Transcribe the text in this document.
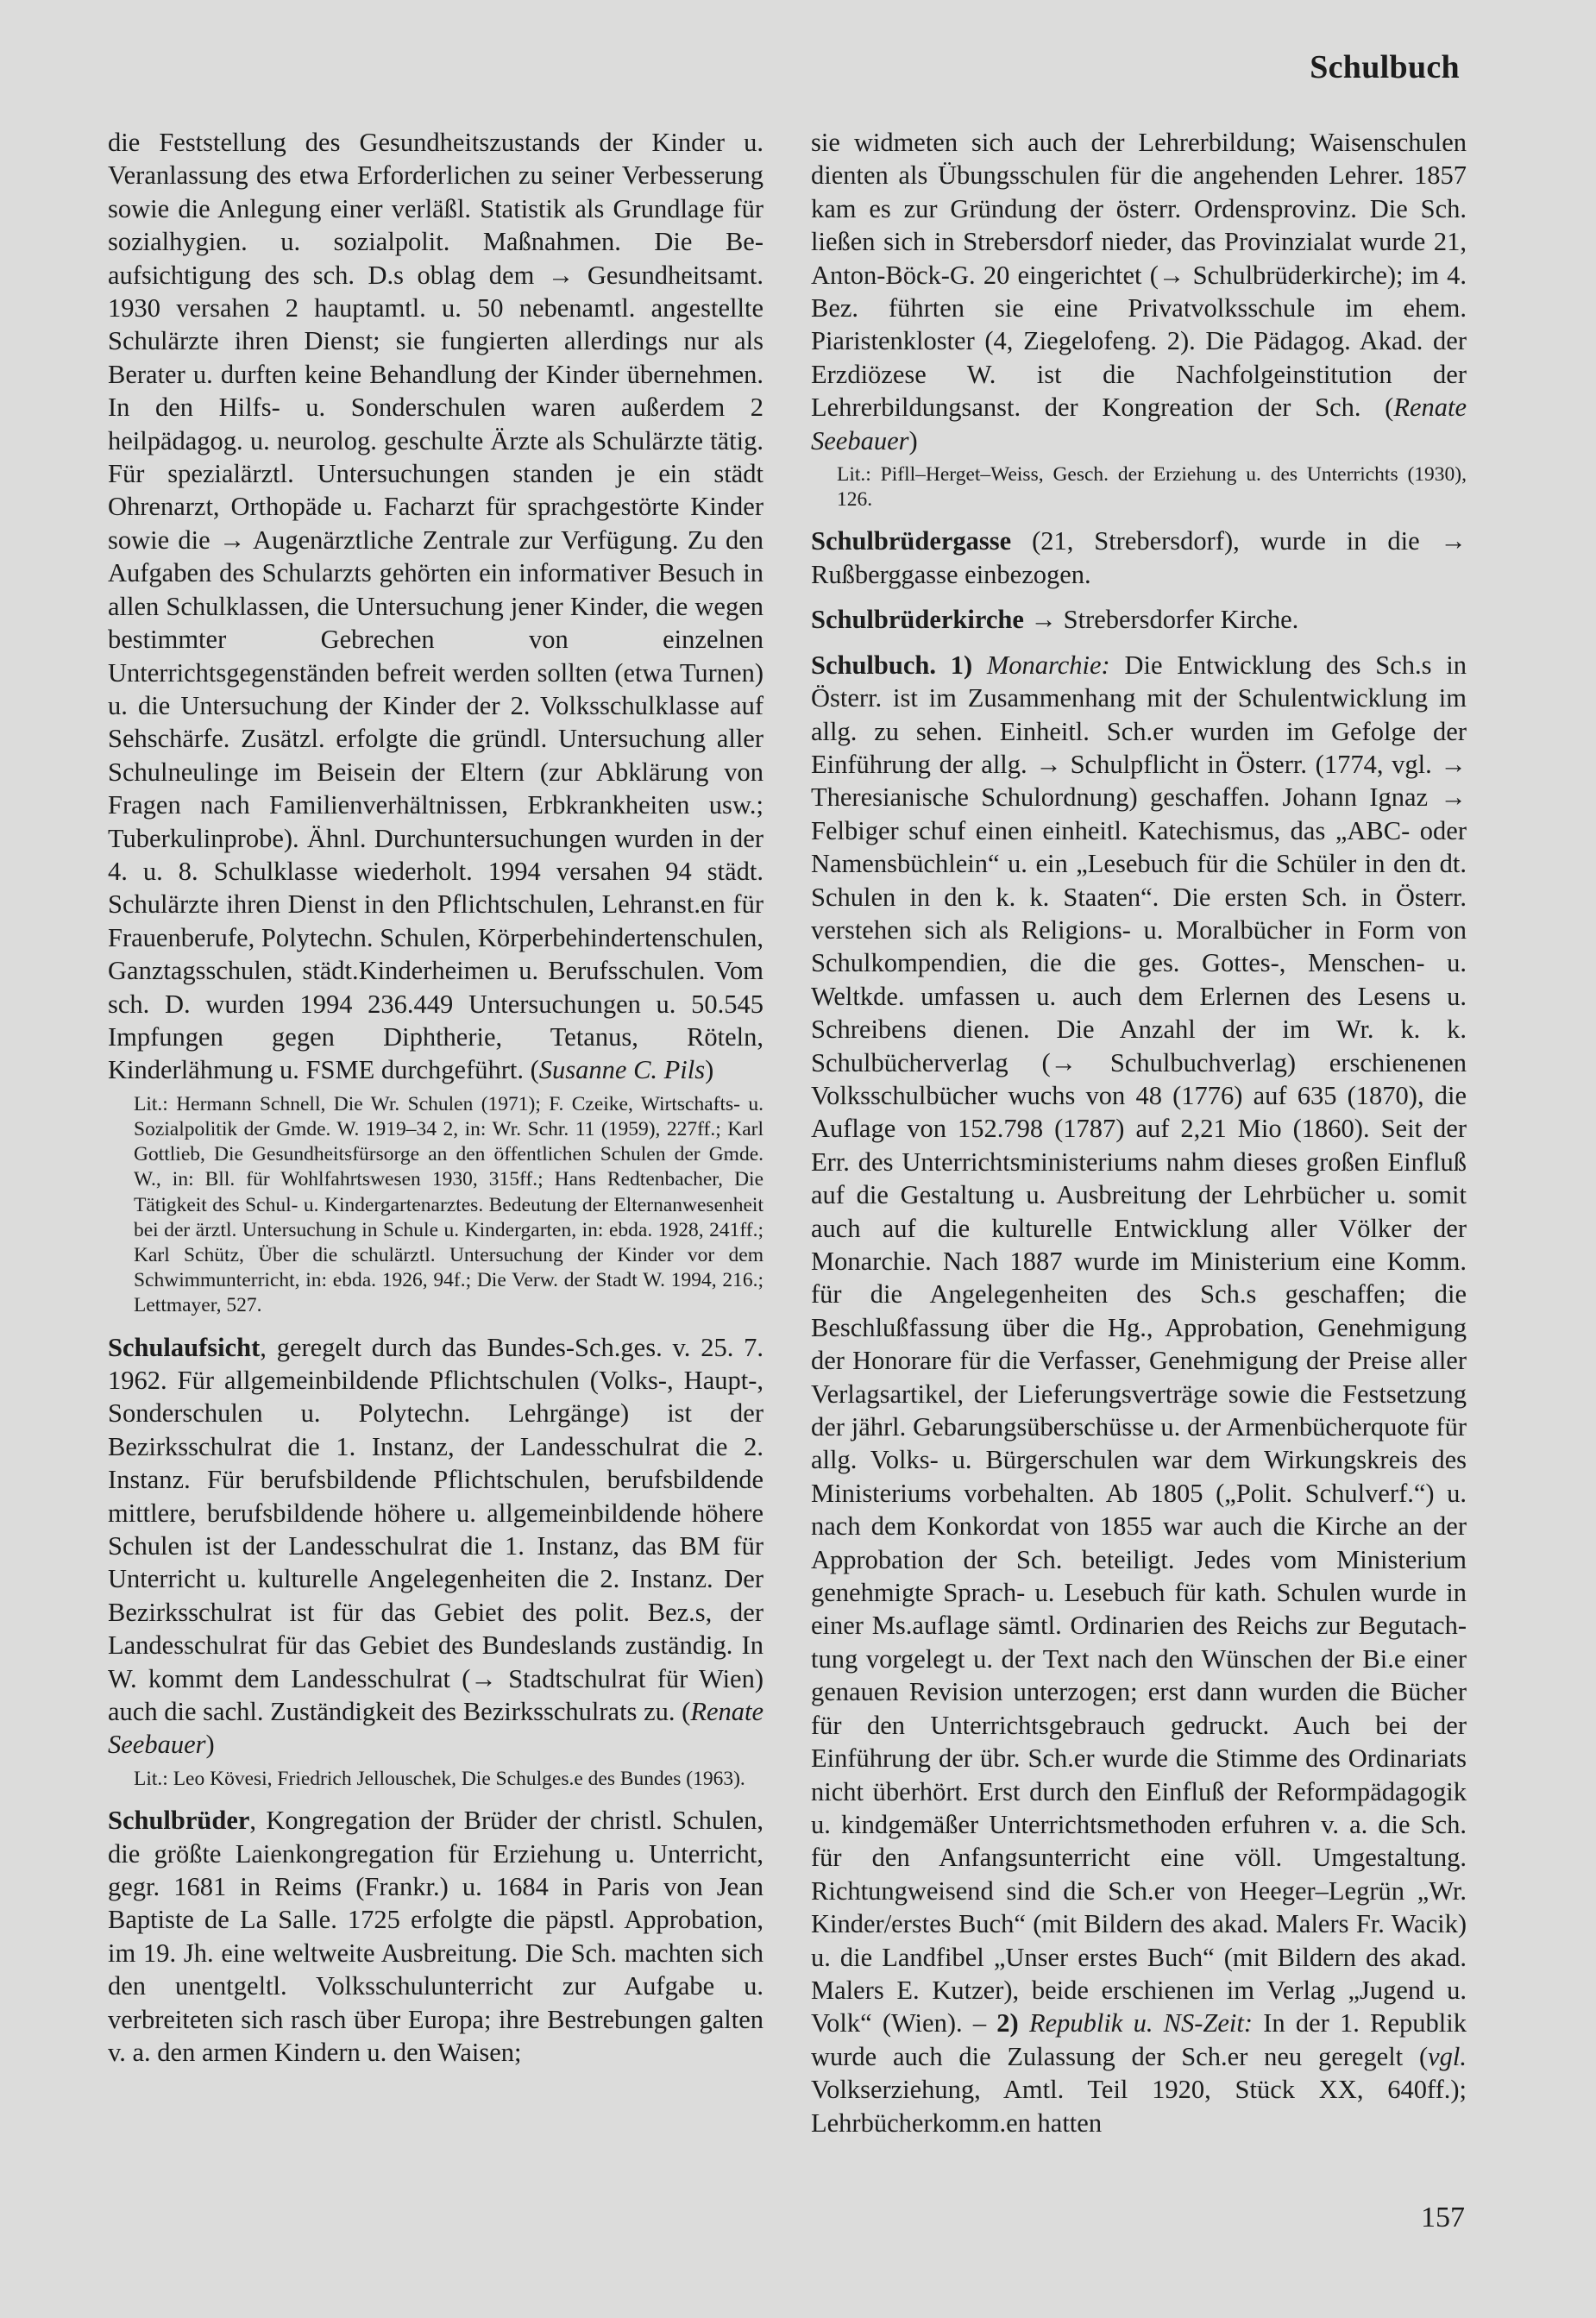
Schulbuch

die Feststellung des Gesundheitszustands der Kinder u. Veranlassung des etwa Erforderlichen zu seiner Verbesserung sowie die Anlegung einer verläßl. Statistik als Grundlage für sozialhygien. u. sozialpolit. Maßnahmen. Die Beaufsichtigung des sch. D.s oblag dem → Gesundheitsamt. 1930 versahen 2 hauptamtl. u. 50 nebenamtl. angestellte Schulärzte ihren Dienst; sie fungierten allerdings nur als Berater u. durften keine Behandlung der Kinder übernehmen. In den Hilfs- u. Sonderschulen waren außerdem 2 heilpädagog. u. neurolog. geschulte Ärzte als Schulärzte tätig. Für spezialärztl. Untersuchungen standen je ein städt Ohrenarzt, Orthopäde u. Facharzt für sprachgestörte Kinder sowie die → Augenärztliche Zentrale zur Verfügung. Zu den Aufgaben des Schularzts gehörten ein informativer Besuch in allen Schulklassen, die Untersuchung jener Kinder, die wegen bestimmter Gebrechen von einzelnen Unterrichtsgegenständen befreit werden sollten (etwa Turnen) u. die Untersuchung der Kinder der 2. Volksschulklasse auf Sehschärfe. Zusätzl. erfolgte die gründl. Untersuchung aller Schulneulinge im Beisein der Eltern (zur Abklärung von Fragen nach Familienverhältnissen, Erbkrankheiten usw.; Tuberkulinprobe). Ähnl. Durchuntersuchungen wurden in der 4. u. 8. Schulklasse wiederholt. 1994 versahen 94 städt. Schulärzte ihren Dienst in den Pflichtschulen, Lehranst.en für Frauenberufe, Polytechn. Schulen, Körperbehindertenschulen, Ganztagsschulen, städt.Kinderheimen u. Berufsschulen. Vom sch. D. wurden 1994 236.449 Untersuchungen u. 50.545 Impfungen gegen Diphtherie, Tetanus, Röteln, Kinderlähmung u. FSME durchgeführt. (Susanne C. Pils)

Lit.: Hermann Schnell, Die Wr. Schulen (1971); F. Czeike, Wirtschafts- u. Sozialpolitik der Gmde. W. 1919–34 2, in: Wr. Schr. 11 (1959), 227ff.; Karl Gottlieb, Die Gesundheitsfürsorge an den öffentlichen Schulen der Gmde. W., in: Bll. für Wohlfahrtswesen 1930, 315ff.; Hans Redtenbacher, Die Tätigkeit des Schul- u. Kindergartenarztes. Bedeutung der Elternanwesenheit bei der ärztl. Untersuchung in Schule u. Kindergarten, in: ebda. 1928, 241ff.; Karl Schütz, Über die schulärztl. Untersuchung der Kinder vor dem Schwimmunterricht, in: ebda. 1926, 94f.; Die Verw. der Stadt W. 1994, 216.; Lettmayer, 527.

Schulaufsicht, geregelt durch das Bundes-Sch.ges. v. 25. 7. 1962. Für allgemeinbildende Pflichtschulen (Volks-, Haupt-, Sonderschulen u. Polytechn. Lehrgänge) ist der Bezirksschulrat die 1. Instanz, der Landesschulrat die 2. Instanz. Für berufsbildende Pflichtschulen, berufsbildende mittlere, berufsbildende höhere u. allgemeinbildende höhere Schulen ist der Landesschulrat die 1. Instanz, das BM für Unterricht u. kulturelle Angelegenheiten die 2. Instanz. Der Bezirksschulrat ist für das Gebiet des polit. Bez.s, der Landesschulrat für das Gebiet des Bundeslands zuständig. In W. kommt dem Landesschulrat (→ Stadtschulrat für Wien) auch die sachl. Zuständigkeit des Bezirksschulrats zu. (Renate Seebauer)

Lit.: Leo Kövesi, Friedrich Jellouschek, Die Schulges.e des Bundes (1963).

Schulbrüder, Kongregation der Brüder der christl. Schulen, die größte Laienkongregation für Erziehung u. Unterricht, gegr. 1681 in Reims (Frankr.) u. 1684 in Paris von Jean Baptiste de La Salle. 1725 erfolgte die päpstl. Approbation, im 19. Jh. eine weltweite Ausbreitung. Die Sch. machten sich den unentgeltl. Volksschulunterricht zur Aufgabe u. verbreiteten sich rasch über Europa; ihre Bestrebungen galten v. a. den armen Kindern u. den Waisen;

sie widmeten sich auch der Lehrerbildung; Waisenschulen dienten als Übungsschulen für die angehenden Lehrer. 1857 kam es zur Gründung der österr. Ordensprovinz. Die Sch. ließen sich in Strebersdorf nieder, das Provinzialat wurde 21, Anton-Böck-G. 20 eingerichtet (→ Schulbrüderkirche); im 4. Bez. führten sie eine Privatvolksschule im ehem. Piaristenkloster (4, Ziegelofeng. 2). Die Pädagog. Akad. der Erzdiözese W. ist die Nachfolgeinstitution der Lehrerbildungsanst. der Kongreation der Sch. (Renate Seebauer)

Lit.: Pifll–Herget–Weiss, Gesch. der Erziehung u. des Unterrichts (1930), 126.

Schulbrüdergasse (21, Strebersdorf), wurde in die → Rußberggasse einbezogen.

Schulbrüderkirche → Strebersdorfer Kirche.

Schulbuch. 1) Monarchie: Die Entwicklung des Sch.s in Österr. ist im Zusammenhang mit der Schulentwicklung im allg. zu sehen. Einheitl. Sch.er wurden im Gefolge der Einführung der allg. → Schulpflicht in Österr. (1774, vgl. → Theresianische Schulordnung) geschaffen. Johann Ignaz → Felbiger schuf einen einheitl. Katechismus, das „ABC- oder Namensbüchlein“ u. ein „Lesebuch für die Schüler in den dt. Schulen in den k. k. Staaten“. Die ersten Sch. in Österr. verstehen sich als Religions- u. Moralbücher in Form von Schulkompendien, die die ges. Gottes-, Menschen- u. Weltkde. umfassen u. auch dem Erlernen des Lesens u. Schreibens dienen. Die Anzahl der im Wr. k. k. Schulbücherverlag (→ Schulbuchverlag) erschienenen Volksschulbücher wuchs von 48 (1776) auf 635 (1870), die Auflage von 152.798 (1787) auf 2,21 Mio (1860). Seit der Err. des Unterrichtsministeriums nahm dieses großen Einfluß auf die Gestaltung u. Ausbreitung der Lehrbücher u. somit auch auf die kulturelle Entwicklung aller Völker der Monarchie. Nach 1887 wurde im Ministerium eine Komm. für die Angelegenheiten des Sch.s geschaffen; die Beschlußfassung über die Hg., Approbation, Genehmigung der Honorare für die Verfasser, Genehmigung der Preise aller Verlagsartikel, der Lieferungsverträge sowie die Festsetzung der jährl. Gebarungsüberschüsse u. der Armenbücherquote für allg. Volks- u. Bürgerschulen war dem Wirkungskreis des Ministeriums vorbehalten. Ab 1805 („Polit. Schulverf.“) u. nach dem Konkordat von 1855 war auch die Kirche an der Approbation der Sch. beteiligt. Jedes vom Ministerium genehmigte Sprach- u. Lesebuch für kath. Schulen wurde in einer Ms.auflage sämtl. Ordinarien des Reichs zur Begutachtung vorgelegt u. der Text nach den Wünschen der Bi.e einer genauen Revision unterzogen; erst dann wurden die Bücher für den Unterrichtsgebrauch gedruckt. Auch bei der Einführung der übr. Sch.er wurde die Stimme des Ordinariats nicht überhört. Erst durch den Einfluß der Reformpädagogik u. kindgemäßer Unterrichtsmethoden erfuhren v. a. die Sch. für den Anfangsunterricht eine völl. Umgestaltung. Richtungweisend sind die Sch.er von Heeger–Legrün „Wr. Kinder/erstes Buch“ (mit Bildern des akad. Malers Fr. Wacik) u. die Landfibel „Unser erstes Buch“ (mit Bildern des akad. Malers E. Kutzer), beide erschienen im Verlag „Jugend u. Volk“ (Wien). – 2) Republik u. NS-Zeit: In der 1. Republik wurde auch die Zulassung der Sch.er neu geregelt (vgl. Volkserziehung, Amtl. Teil 1920, Stück XX, 640ff.); Lehrbücherkomm.en hatten

157
